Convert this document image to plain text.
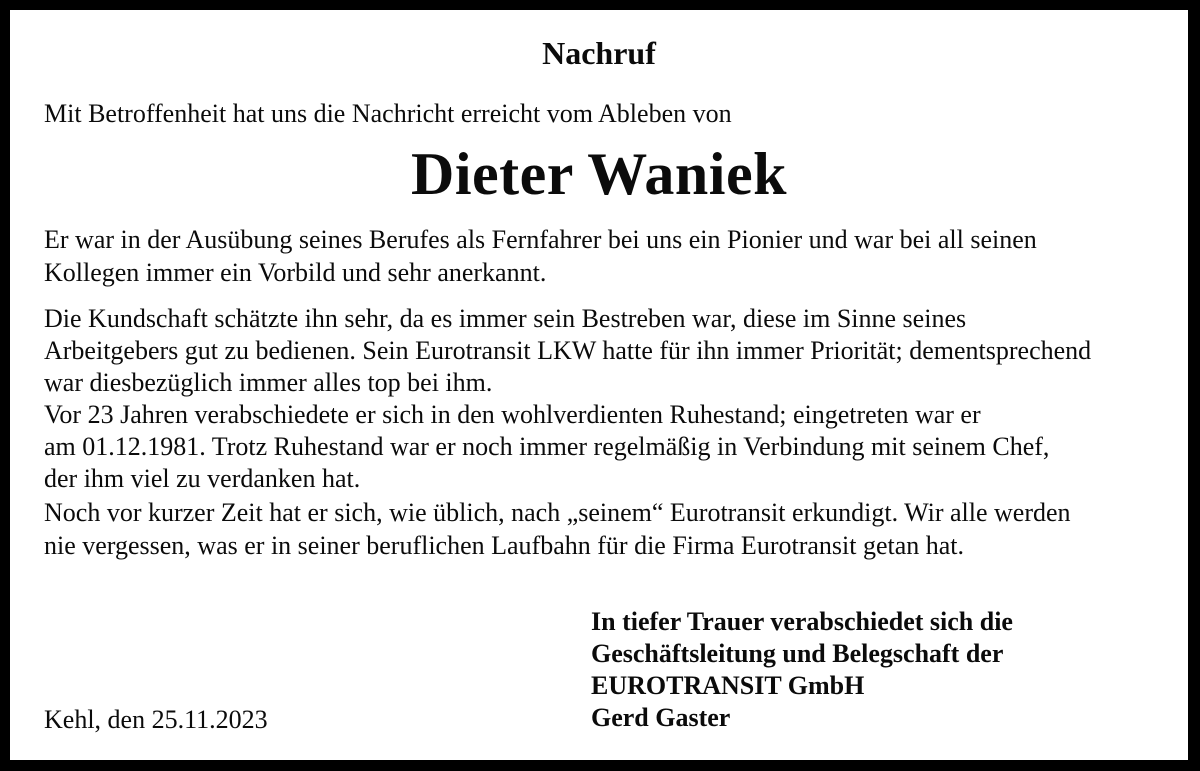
Nachruf
Mit Betroffenheit hat uns die Nachricht erreicht vom Ableben von
Dieter Waniek
Er war in der Ausübung seines Berufes als Fernfahrer bei uns ein Pionier und war bei all seinen
Kollegen immer ein Vorbild und sehr anerkannt.
Die Kundschaft schätzte ihn sehr, da es immer sein Bestreben war, diese im Sinne seines
Arbeitgebers gut zu bedienen. Sein Eurotransit LKW hatte für ihn immer Priorität; dementsprechend
war diesbezüglich immer alles top bei ihm.
Vor 23 Jahren verabschiedete er sich in den wohlverdienten Ruhestand; eingetreten war er
am 01.12.1981. Trotz Ruhestand war er noch immer regelmäßig in Verbindung mit seinem Chef,
der ihm viel zu verdanken hat.
Noch vor kurzer Zeit hat er sich, wie üblich, nach „seinem“ Eurotransit erkundigt. Wir alle werden
nie vergessen, was er in seiner beruflichen Laufbahn für die Firma Eurotransit getan hat.
In tiefer Trauer verabschiedet sich die
Geschäftsleitung und Belegschaft der
EUROTRANSIT GmbH
Gerd Gaster
Kehl, den 25.11.2023
